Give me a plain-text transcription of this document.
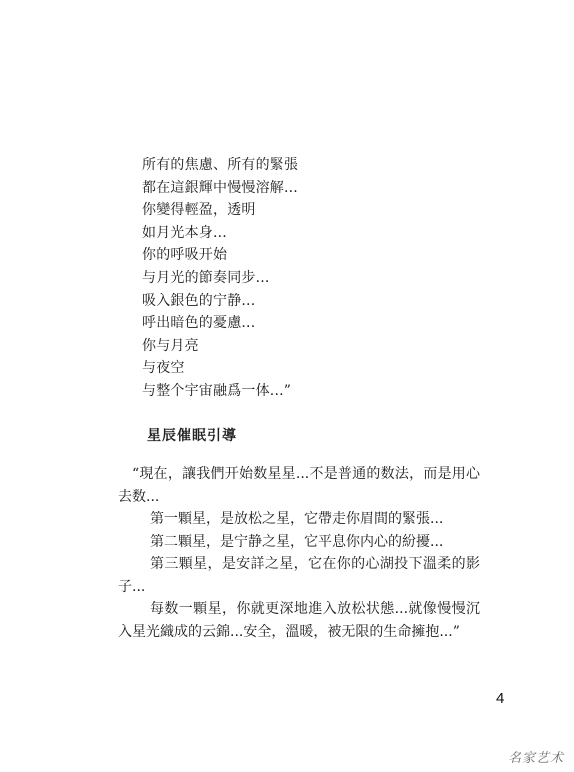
所有的焦慮、所有的緊張
都在這銀輝中慢慢溶解...
你變得輕盈，透明
如月光本身...
你的呼吸开始
与月光的節奏同步...
吸入銀色的宁静...
呼出暗色的憂慮...
你与月亮
与夜空
与整个宇宙融爲一体...”
星辰催眠引導

“現在，讓我們开始数星星...不是普通的数法，而是用心去数...

第一顆星，是放松之星，它帶走你眉間的緊張...

第二顆星，是宁静之星，它平息你内心的紛擾...

第三顆星，是安詳之星，它在你的心湖投下溫柔的影子...

每数一顆星，你就更深地進入放松状態...就像慢慢沉入星光織成的云錦...安全，溫暖，被无限的生命擁抱...”

4
名家艺术
